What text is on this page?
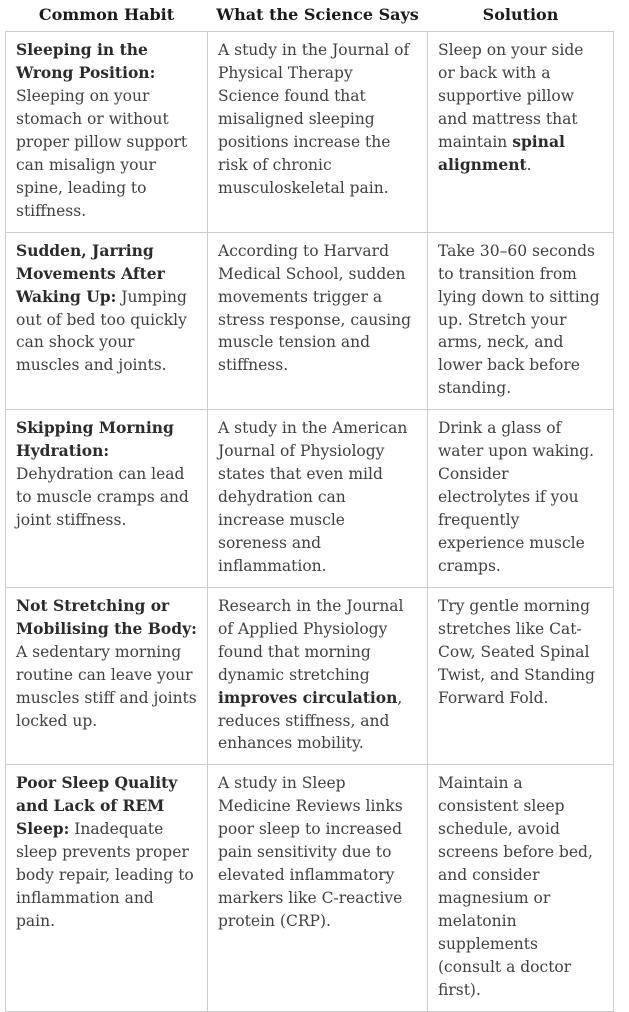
Common Habit	What the Science Says	Solution
Sleeping in the Wrong Position: Sleeping on your stomach or without proper pillow support can misalign your spine, leading to stiffness.	A study in the Journal of Physical Therapy Science found that misaligned sleeping positions increase the risk of chronic musculoskeletal pain.	Sleep on your side or back with a supportive pillow and mattress that maintain spinal alignment.
Sudden, Jarring Movements After Waking Up: Jumping out of bed too quickly can shock your muscles and joints.	According to Harvard Medical School, sudden movements trigger a stress response, causing muscle tension and stiffness.	Take 30–60 seconds to transition from lying down to sitting up. Stretch your arms, neck, and lower back before standing.
Skipping Morning Hydration: Dehydration can lead to muscle cramps and joint stiffness.	A study in the American Journal of Physiology states that even mild dehydration can increase muscle soreness and inflammation.	Drink a glass of water upon waking. Consider electrolytes if you frequently experience muscle cramps.
Not Stretching or Mobilising the Body: A sedentary morning routine can leave your muscles stiff and joints locked up.	Research in the Journal of Applied Physiology found that morning dynamic stretching improves circulation, reduces stiffness, and enhances mobility.	Try gentle morning stretches like Cat-Cow, Seated Spinal Twist, and Standing Forward Fold.
Poor Sleep Quality and Lack of REM Sleep: Inadequate sleep prevents proper body repair, leading to inflammation and pain.	A study in Sleep Medicine Reviews links poor sleep to increased pain sensitivity due to elevated inflammatory markers like C-reactive protein (CRP).	Maintain a consistent sleep schedule, avoid screens before bed, and consider magnesium or melatonin supplements (consult a doctor first).
